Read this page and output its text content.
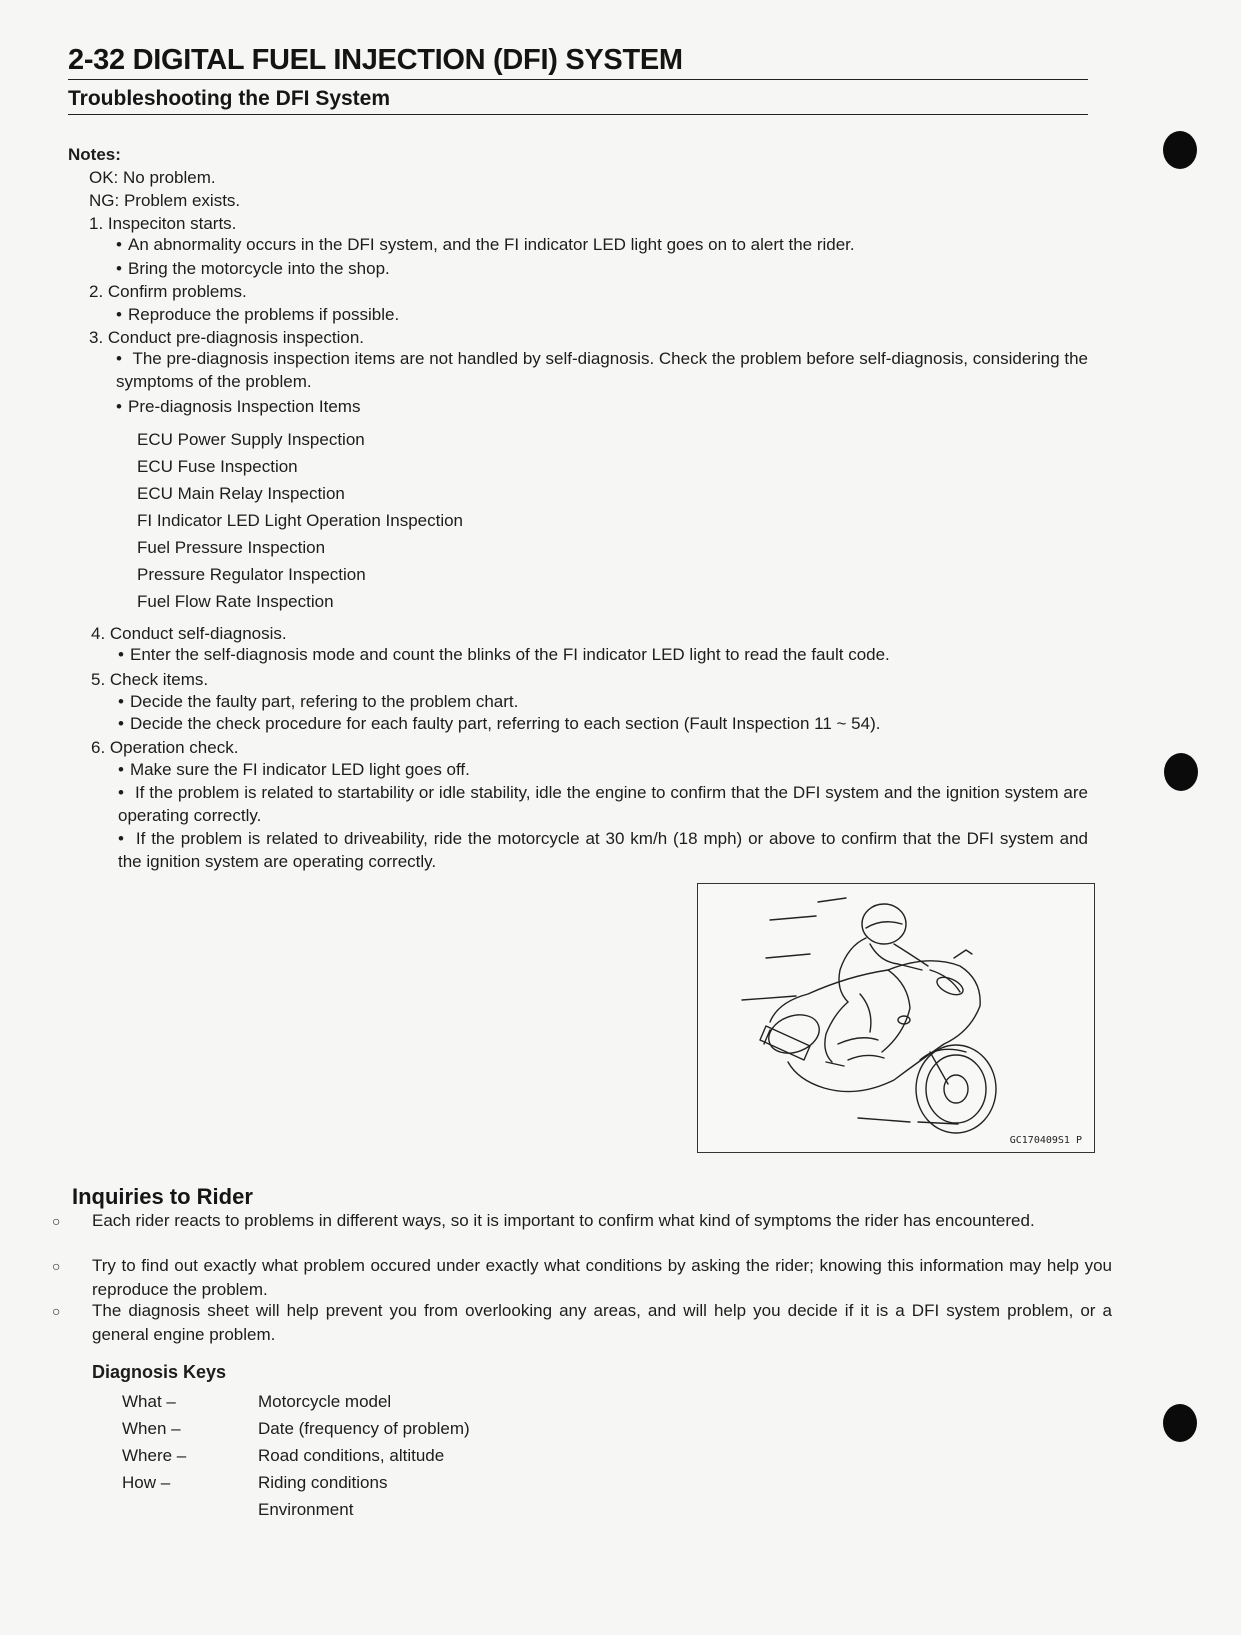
2-32 DIGITAL FUEL INJECTION (DFI) SYSTEM
Troubleshooting the DFI System
Notes:
OK: No problem.
NG: Problem exists.
1. Inspeciton starts.
• An abnormality occurs in the DFI system, and the FI indicator LED light goes on to alert the rider.
• Bring the motorcycle into the shop.
2. Confirm problems.
• Reproduce the problems if possible.
3. Conduct pre-diagnosis inspection.
• The pre-diagnosis inspection items are not handled by self-diagnosis. Check the problem before self-diagnosis, considering the symptoms of the problem.
• Pre-diagnosis Inspection Items
ECU Power Supply Inspection
ECU Fuse Inspection
ECU Main Relay Inspection
FI Indicator LED Light Operation Inspection
Fuel Pressure Inspection
Pressure Regulator Inspection
Fuel Flow Rate Inspection
4. Conduct self-diagnosis.
• Enter the self-diagnosis mode and count the blinks of the FI indicator LED light to read the fault code.
5. Check items.
• Decide the faulty part, refering to the problem chart.
• Decide the check procedure for each faulty part, referring to each section (Fault Inspection 11 ~ 54).
6. Operation check.
• Make sure the FI indicator LED light goes off.
• If the problem is related to startability or idle stability, idle the engine to confirm that the DFI system and the ignition system are operating correctly.
• If the problem is related to driveability, ride the motorcycle at 30 km/h (18 mph) or above to confirm that the DFI system and the ignition system are operating correctly.
GC170409S1 P
Inquiries to Rider
○ Each rider reacts to problems in different ways, so it is important to confirm what kind of symptoms the rider has encountered.
○ Try to find out exactly what problem occured under exactly what conditions by asking the rider; knowing this information may help you reproduce the problem.
○ The diagnosis sheet will help prevent you from overlooking any areas, and will help you decide if it is a DFI system problem, or a general engine problem.
Diagnosis Keys
What –	Motorcycle model
When –	Date (frequency of problem)
Where –	Road conditions, altitude
How –	Riding conditions
Environment
